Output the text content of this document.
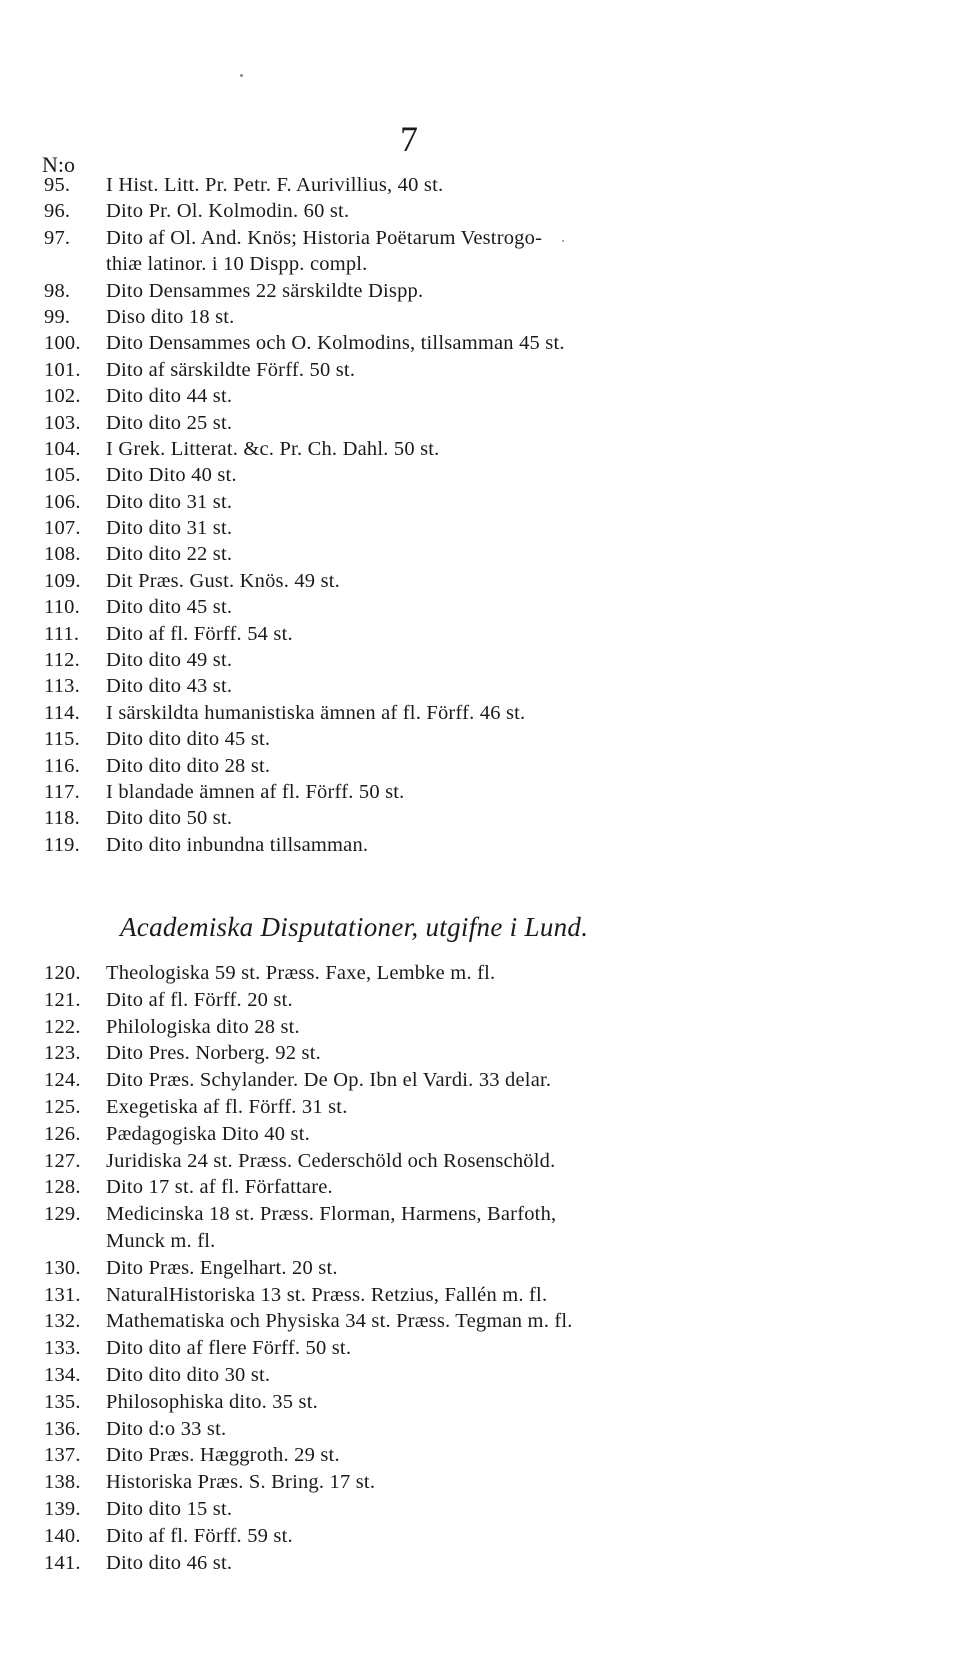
7
N:o
95. I Hist. Litt. Pr. Petr. F. Aurivillius, 40 st.
96. Dito Pr. Ol. Kolmodin. 60 st.
97. Dito af Ol. And. Knös; Historia Poëtarum Vestrogo-
thiæ latinor. i 10 Dispp. compl.
98. Dito Densammes 22 särskildte Dispp.
99. Diso dito 18 st.
100. Dito Densammes och O. Kolmodins, tillsamman 45 st.
101. Dito af särskildte Förff. 50 st.
102. Dito dito 44 st.
103. Dito dito 25 st.
104. I Grek. Litterat. &c. Pr. Ch. Dahl. 50 st.
105. Dito Dito 40 st.
106. Dito dito 31 st.
107. Dito dito 31 st.
108. Dito dito 22 st.
109. Dit Præs. Gust. Knös. 49 st.
110. Dito dito 45 st.
111. Dito af fl. Förff. 54 st.
112. Dito dito 49 st.
113. Dito dito 43 st.
114. I särskildta humanistiska ämnen af fl. Förff. 46 st.
115. Dito dito dito 45 st.
116. Dito dito dito 28 st.
117. I blandade ämnen af fl. Förff. 50 st.
118. Dito dito 50 st.
119. Dito dito inbundna tillsamman.
Academiska Disputationer, utgifne i Lund.
120. Theologiska 59 st. Præss. Faxe, Lembke m. fl.
121. Dito af fl. Förff. 20 st.
122. Philologiska dito 28 st.
123. Dito Pres. Norberg. 92 st.
124. Dito Præs. Schylander. De Op. Ibn el Vardi. 33 delar.
125. Exegetiska af fl. Förff. 31 st.
126. Pædagogiska Dito 40 st.
127. Juridiska 24 st. Præss. Cederschöld och Rosenschöld.
128. Dito 17 st. af fl. Författare.
129. Medicinska 18 st. Præss. Florman, Harmens, Barfoth,
Munck m. fl.
130. Dito Præs. Engelhart. 20 st.
131. NaturalHistoriska 13 st. Præss. Retzius, Fallén m. fl.
132. Mathematiska och Physiska 34 st. Præss. Tegman m. fl.
133. Dito dito af flere Förff. 50 st.
134. Dito dito dito 30 st.
135. Philosophiska dito. 35 st.
136. Dito d:o 33 st.
137. Dito Præs. Hæggroth. 29 st.
138. Historiska Præs. S. Bring. 17 st.
139. Dito dito 15 st.
140. Dito af fl. Förff. 59 st.
141. Dito dito 46 st.
